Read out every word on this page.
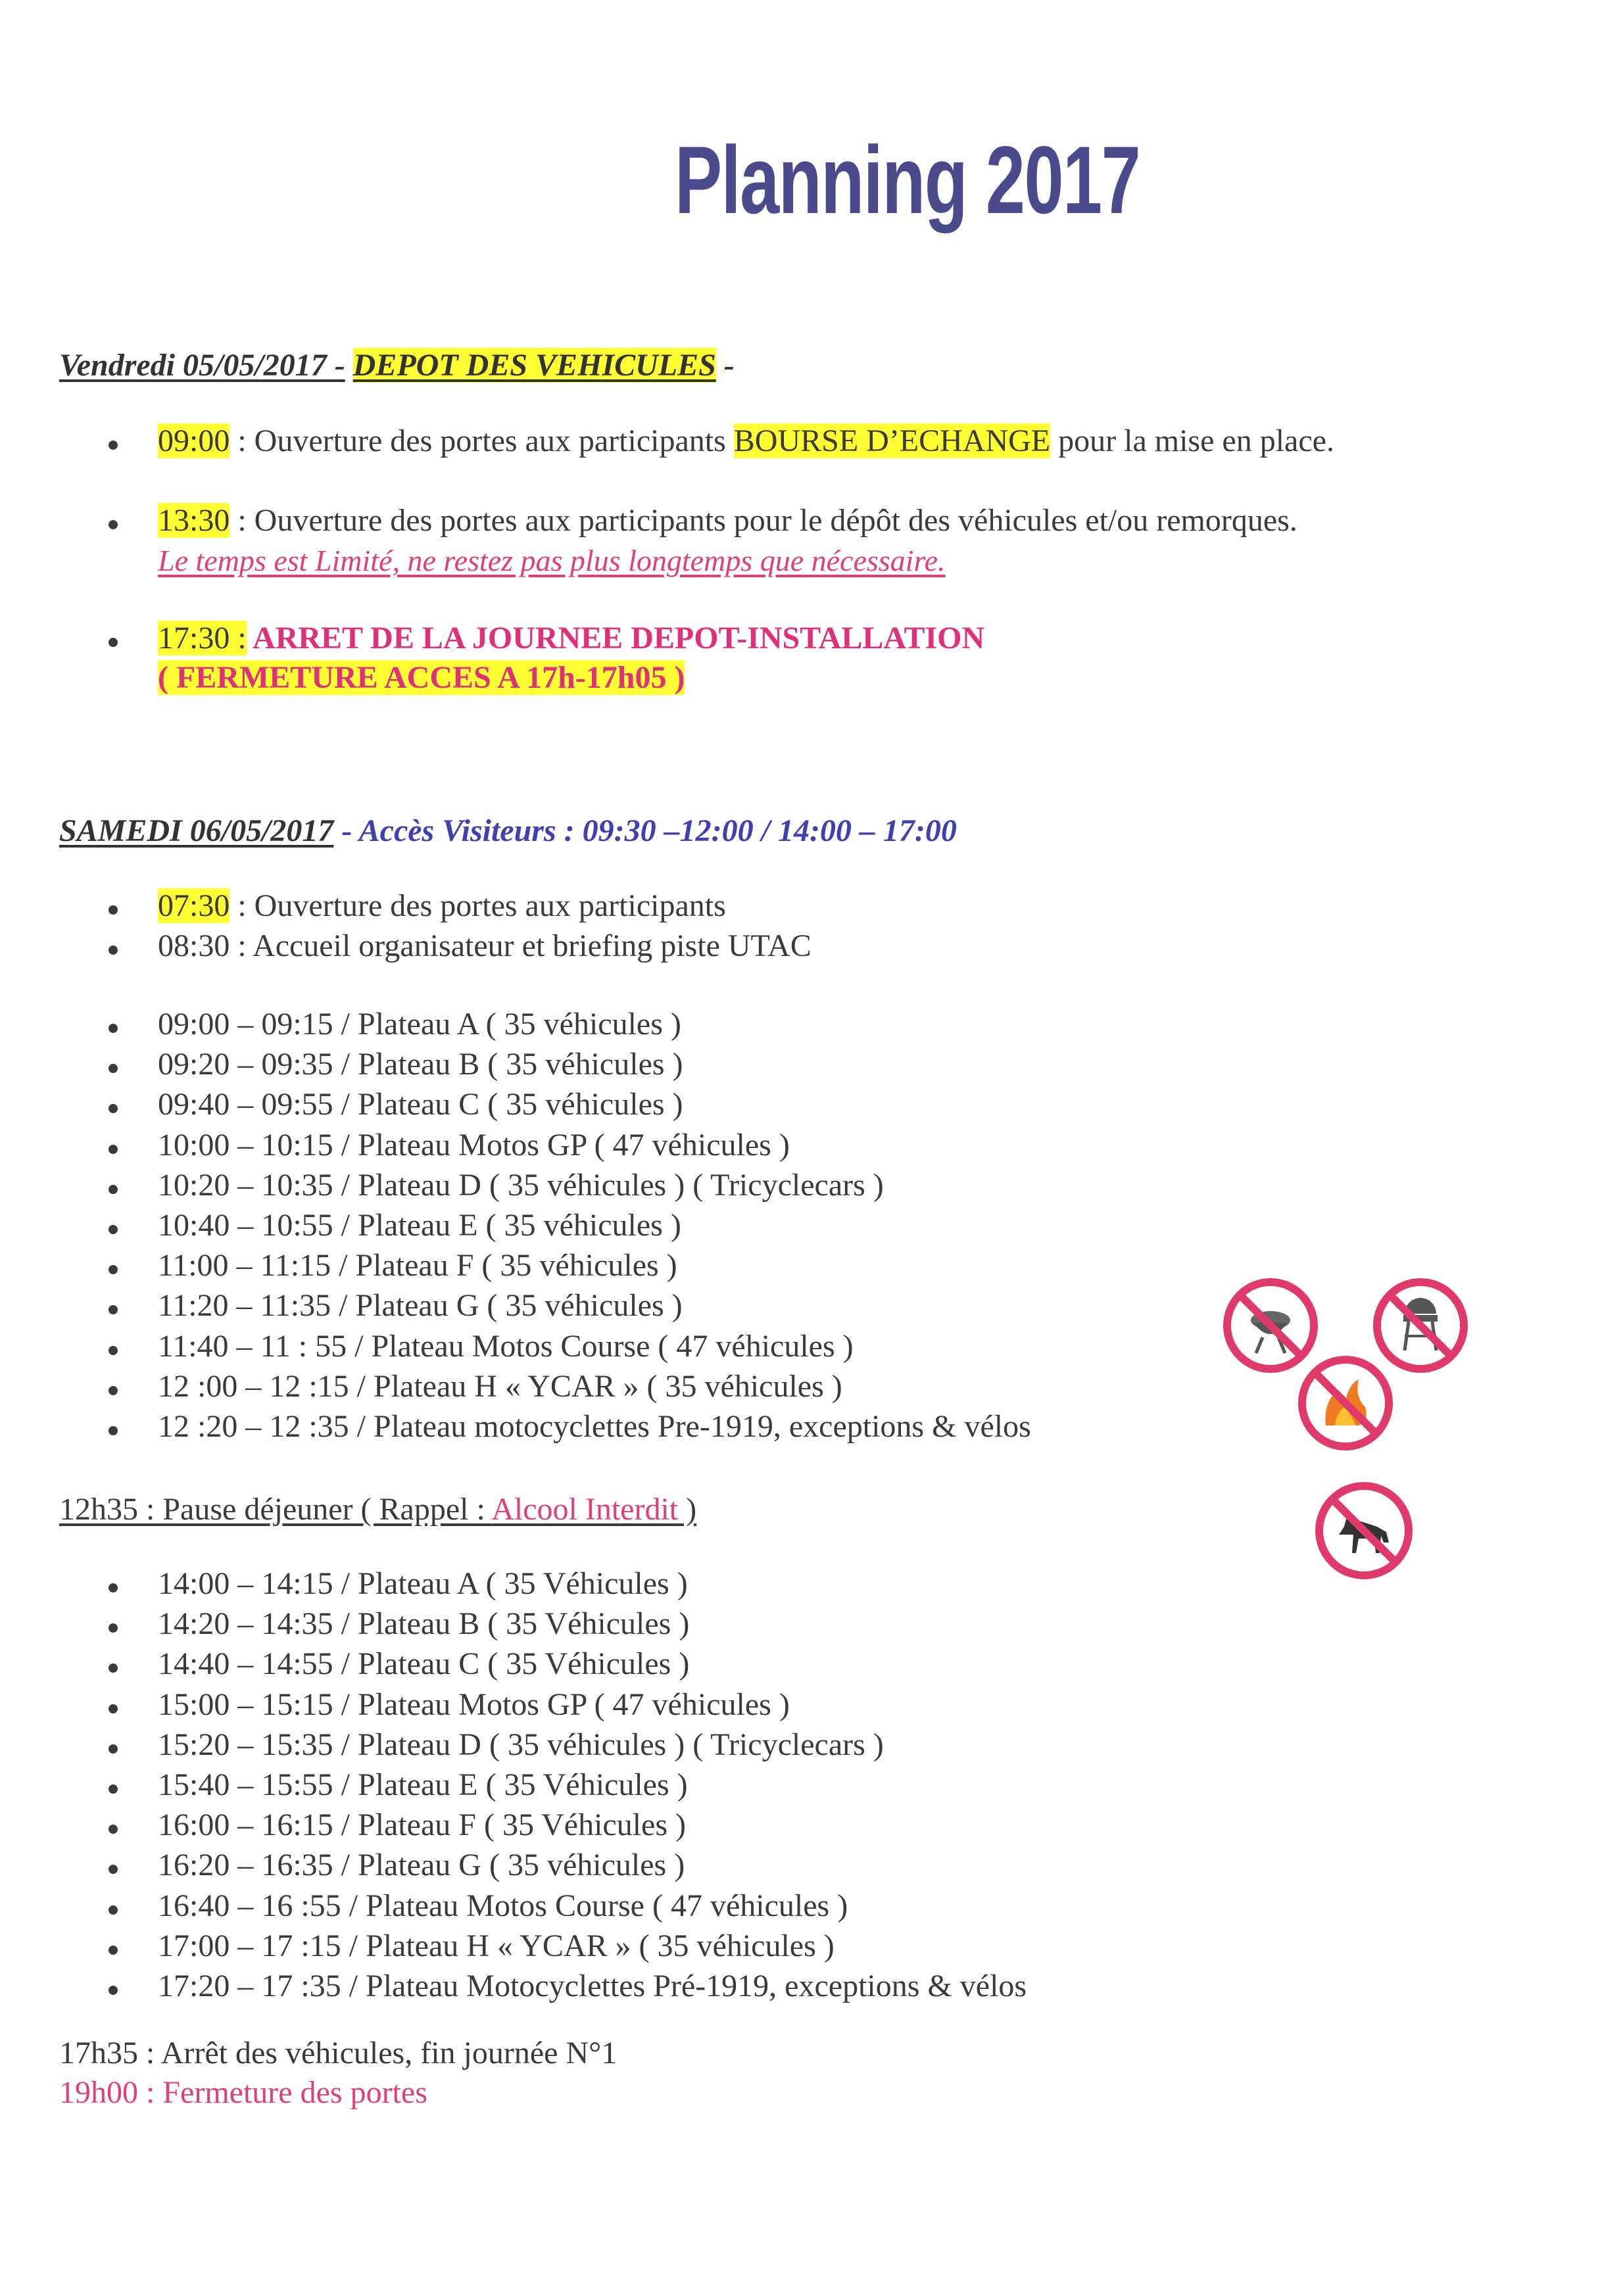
Planning 2017
Vendredi 05/05/2017 - DEPOT DES VEHICULES -
09:00 : Ouverture des portes aux participants BOURSE D’ECHANGE pour la mise en place.
13:30 : Ouverture des portes aux participants pour le dépôt des véhicules et/ou remorques.
Le temps est Limité, ne restez pas plus longtemps que nécessaire.
17:30 : ARRET DE LA JOURNEE DEPOT-INSTALLATION
( FERMETURE ACCES A 17h-17h05 )
SAMEDI 06/05/2017 - Accès Visiteurs : 09:30 –12:00 / 14:00 – 17:00
07:30 : Ouverture des portes aux participants
08:30 : Accueil organisateur et briefing piste UTAC
09:00 – 09:15 / Plateau A ( 35 véhicules )
09:20 – 09:35 / Plateau B ( 35 véhicules )
09:40 – 09:55 / Plateau C ( 35 véhicules )
10:00 – 10:15 / Plateau Motos GP ( 47 véhicules )
10:20 – 10:35 / Plateau D ( 35 véhicules ) ( Tricyclecars )
10:40 – 10:55 / Plateau E ( 35 véhicules )
11:00 – 11:15 / Plateau F ( 35 véhicules )
11:20 – 11:35 / Plateau G ( 35 véhicules )
11:40 – 11 : 55 / Plateau Motos Course ( 47 véhicules )
12 :00 – 12 :15 / Plateau H « YCAR » ( 35 véhicules )
12 :20 – 12 :35 / Plateau motocyclettes Pre-1919, exceptions & vélos
12h35 : Pause déjeuner ( Rappel : Alcool Interdit )
14:00 – 14:15 / Plateau A ( 35 Véhicules )
14:20 – 14:35 / Plateau B ( 35 Véhicules )
14:40 – 14:55 / Plateau C ( 35 Véhicules )
15:00 – 15:15 / Plateau Motos GP ( 47 véhicules )
15:20 – 15:35 / Plateau D ( 35 véhicules ) ( Tricyclecars )
15:40 – 15:55 / Plateau E ( 35 Véhicules )
16:00 – 16:15 / Plateau F ( 35 Véhicules )
16:20 – 16:35 / Plateau G ( 35 véhicules )
16:40 – 16 :55 / Plateau Motos Course ( 47 véhicules )
17:00 – 17 :15 / Plateau H « YCAR » ( 35 véhicules )
17:20 – 17 :35 / Plateau Motocyclettes Pré-1919, exceptions & vélos
17h35 : Arrêt des véhicules, fin journée N°1
19h00 : Fermeture des portes
